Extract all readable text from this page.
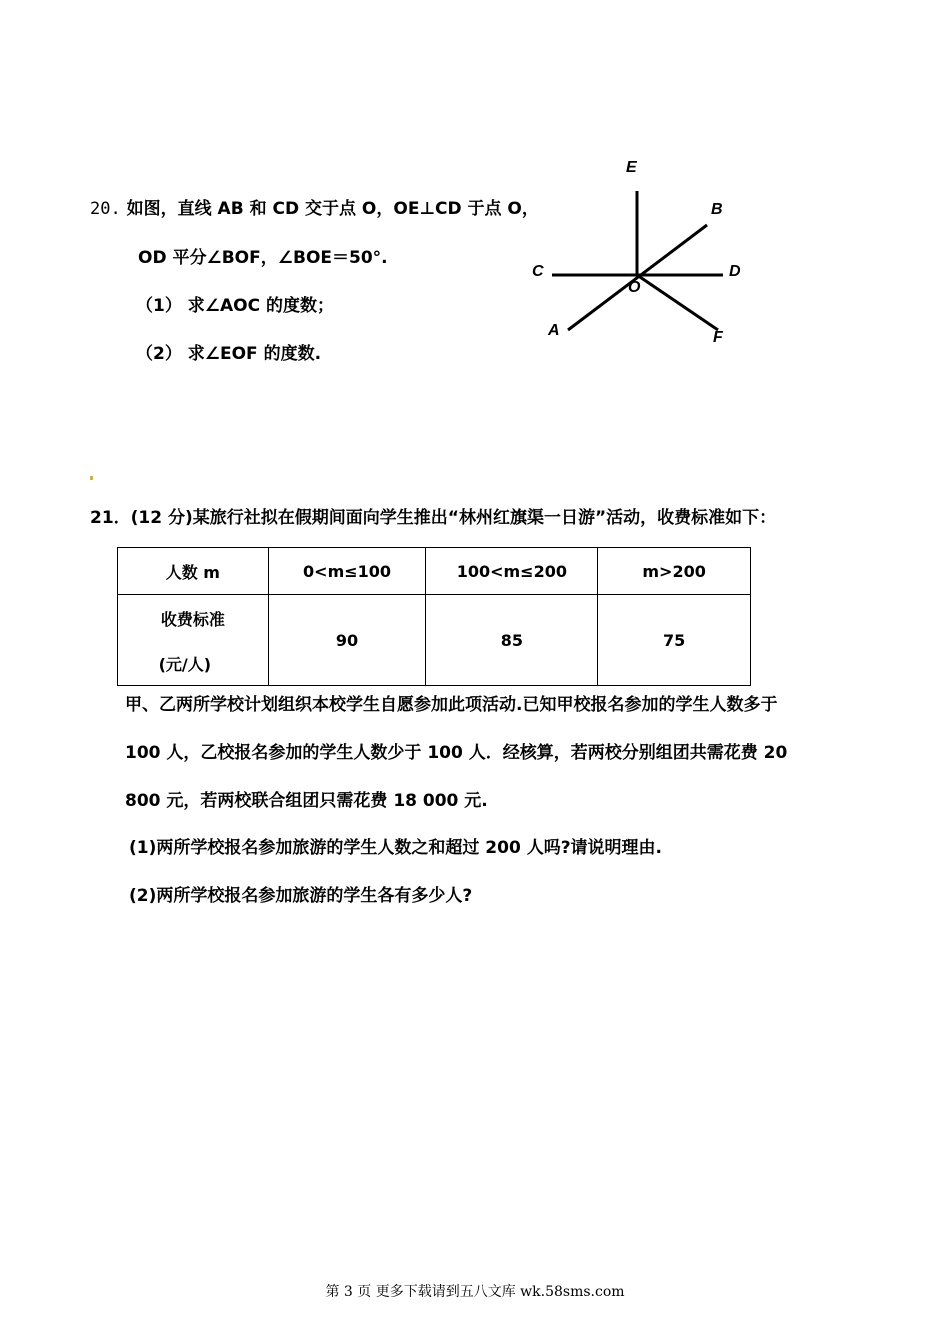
20. 如图，直线 AB 和 CD 交于点 O，OE⊥CD 于点 O，
OD 平分∠BOF，∠BOE＝50°.
（1） 求∠AOC 的度数；
（2） 求∠EOF 的度数.
E
B
C	D
O
A	F
21．(12 分)某旅行社拟在假期间面向学生推出“林州红旗渠一日游”活动，收费标准如下：
人数 m	0<m≤100	100<m≤200	m>200

收费标准
(元/人)	90	85	75
甲、乙两所学校计划组织本校学生自愿参加此项活动.已知甲校报名参加的学生人数多于
100 人，乙校报名参加的学生人数少于 100 人．经核算，若两校分别组团共需花费 20
800 元，若两校联合组团只需花费 18 000 元.
(1)两所学校报名参加旅游的学生人数之和超过 200 人吗?请说明理由.
(2)两所学校报名参加旅游的学生各有多少人?
第 3 页 更多下载请到五八文库 wk.58sms.com
